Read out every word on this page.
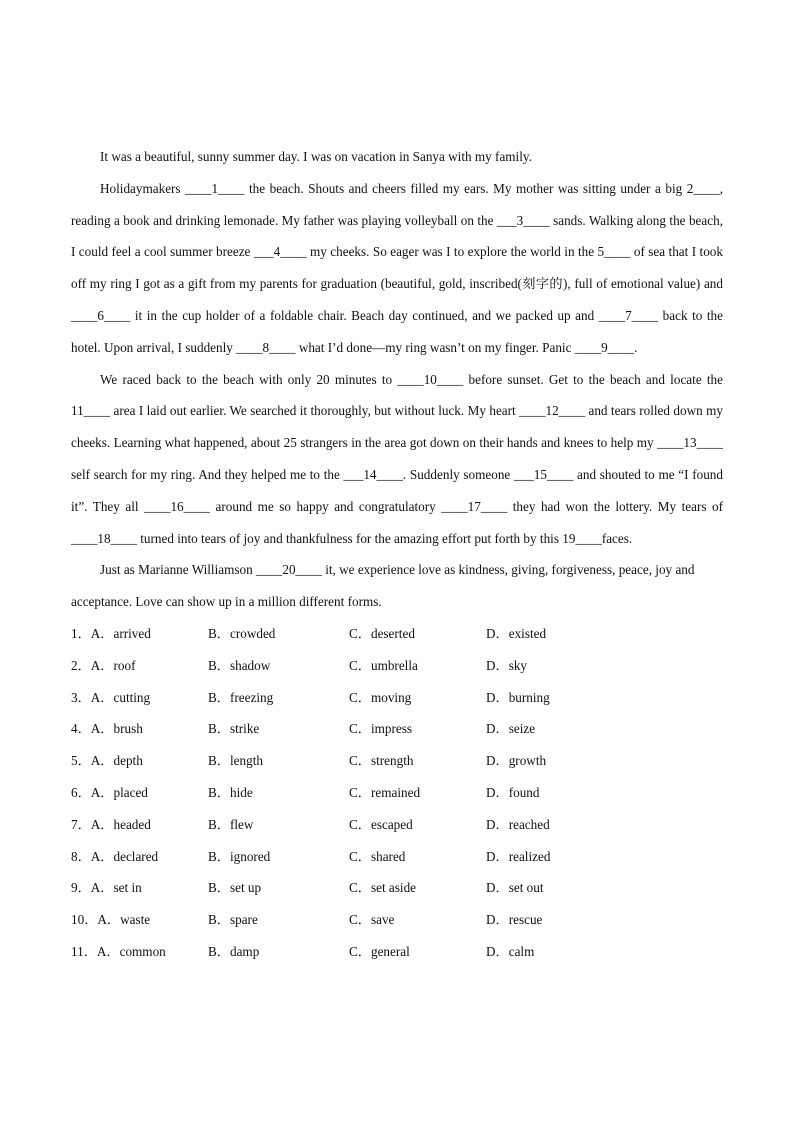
It was a beautiful, sunny summer day. I was on vacation in Sanya with my family.

Holidaymakers ____1____ the beach. Shouts and cheers filled my ears. My mother was sitting under a big 2____, reading a book and drinking lemonade. My father was playing volleyball on the ___3____ sands. Walking along the beach, I could feel a cool summer breeze ___4____ my cheeks. So eager was I to explore the world in the 5____ of sea that I took off my ring I got as a gift from my parents for graduation (beautiful, gold, inscribed(刻字的), full of emotional value) and ____6____ it in the cup holder of a foldable chair. Beach day continued, and we packed up and ____7____ back to the hotel. Upon arrival, I suddenly ____8____ what I’d done—my ring wasn’t on my finger. Panic ____9____.

We raced back to the beach with only 20 minutes to ____10____ before sunset. Get to the beach and locate the 11____ area I laid out earlier. We searched it thoroughly, but without luck. My heart ____12____ and tears rolled down my cheeks. Learning what happened, about 25 strangers in the area got down on their hands and knees to help my ____13____ self search for my ring. And they helped me to the ___14____. Suddenly someone ___15____ and shouted to me “I found it”. They all ____16____ around me so happy and congratulatory ____17____ they had won the lottery. My tears of ____18____ turned into tears of joy and thankfulness for the amazing effort put forth by this 19____faces.

Just as Marianne Williamson ____20____ it, we experience love as kindness, giving, forgiveness, peace, joy and acceptance. Love can show up in a million different forms.

1．A．arrived	B．crowded	C．deserted	D．existed
2．A．roof	B．shadow	C．umbrella	D．sky
3．A．cutting	B．freezing	C．moving	D．burning
4．A．brush	B．strike	C．impress	D．seize
5．A．depth	B．length	C．strength	D．growth
6．A．placed	B．hide	C．remained	D．found
7．A．headed	B．flew	C．escaped	D．reached
8．A．declared	B．ignored	C．shared	D．realized
9．A．set in	B．set up	C．set aside	D．set out
10．A．waste	B．spare	C．save	D．rescue
11．A．common	B．damp	C．general	D．calm
